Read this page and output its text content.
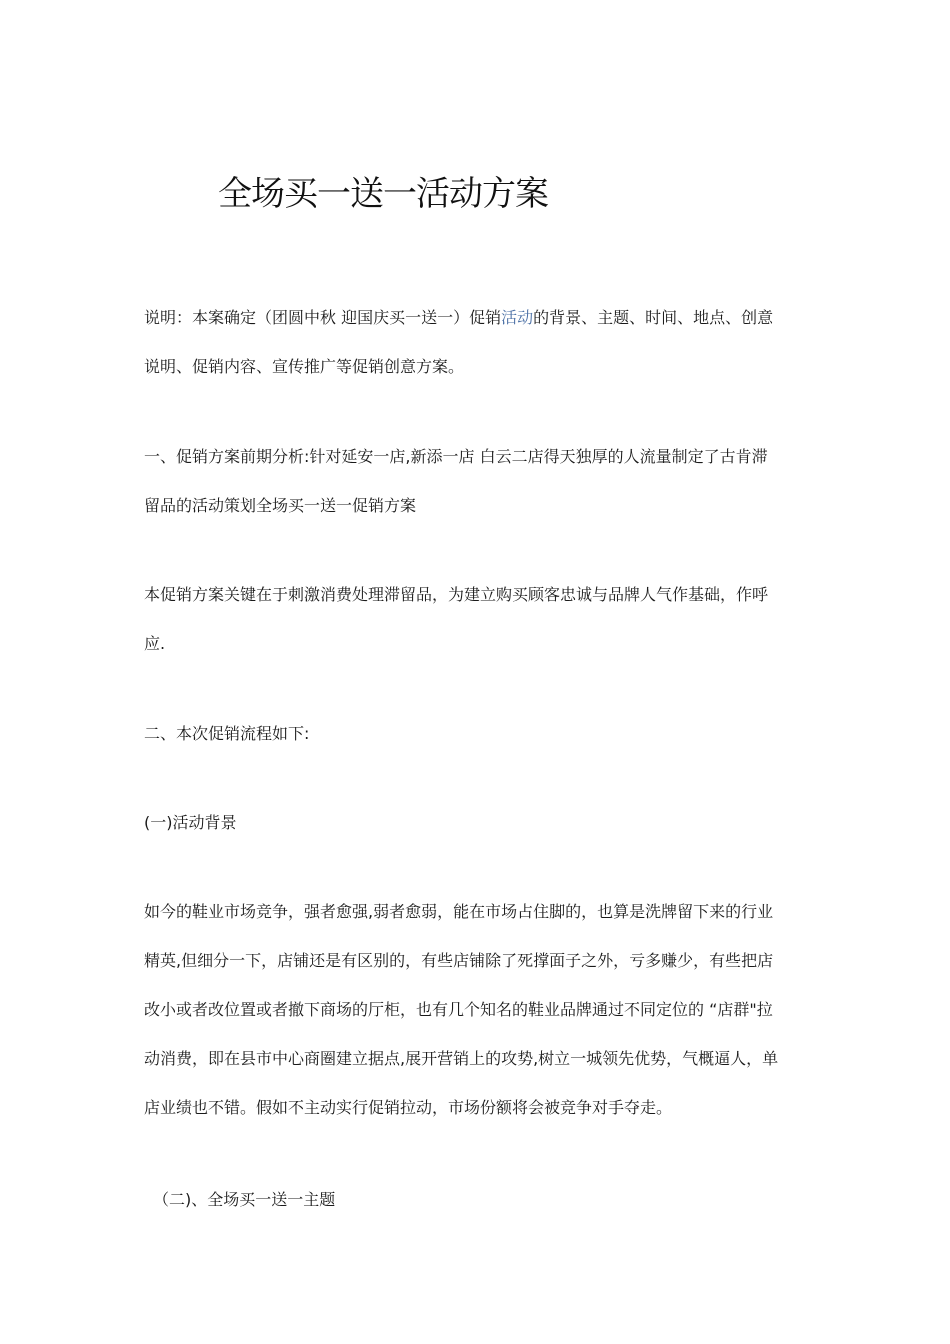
全场买一送一活动方案

说明：本案确定（团圆中秋 迎国庆买一送一）促销活动的背景、主题、时间、地点、创意
说明、促销内容、宣传推广等促销创意方案。

一、促销方案前期分析:针对延安一店,新添一店 白云二店得天独厚的人流量制定了古肯滞
留品的活动策划全场买一送一促销方案

本促销方案关键在于刺激消费处理滞留品，为建立购买顾客忠诚与品牌人气作基础，作呼
应.

二、本次促销流程如下:

(一)活动背景

如今的鞋业市场竞争，强者愈强,弱者愈弱，能在市场占住脚的，也算是洗牌留下来的行业
精英,但细分一下，店铺还是有区别的，有些店铺除了死撑面子之外，亏多赚少，有些把店
改小或者改位置或者撤下商场的厅柜，也有几个知名的鞋业品牌通过不同定位的 “店群"拉
动消费，即在县市中心商圈建立据点,展开营销上的攻势,树立一城领先优势，气概逼人，单
店业绩也不错。假如不主动实行促销拉动，市场份额将会被竞争对手夺走。

（二)、全场买一送一主题
